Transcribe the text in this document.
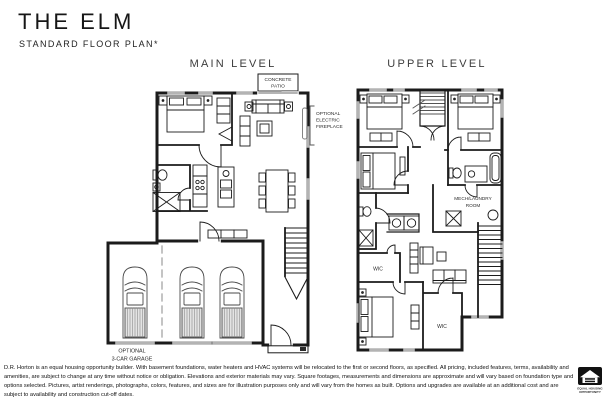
THE ELM
STANDARD FLOOR PLAN*
MAIN LEVEL	UPPER LEVEL
CONCRETE
PATIO
OPTIONAL
ELECTRIC
FIREPLACE
OPTIONAL
3-CAR GARAGE
MECH/LAUNDRY
ROOM
WIC
WIC
D.R. Horton is an equal housing opportunity builder. With basement foundations, water heaters and HVAC systems will be relocated to the first or second floors, as specified. All pricing, included features, terms, availability and amenities, are subject to change at any time without notice or obligation. Elevations and exterior materials may vary. Square footages, measurements and dimensions are approximate and will vary based on foundation type and options selected. Pictures, artist renderings, photographs, colors, features, and sizes are for illustration purposes only and will vary from the homes as built. Options and upgrades are available at an additional cost and are subject to availability and construction cut-off dates.
EQUAL HOUSING
OPPORTUNITY
